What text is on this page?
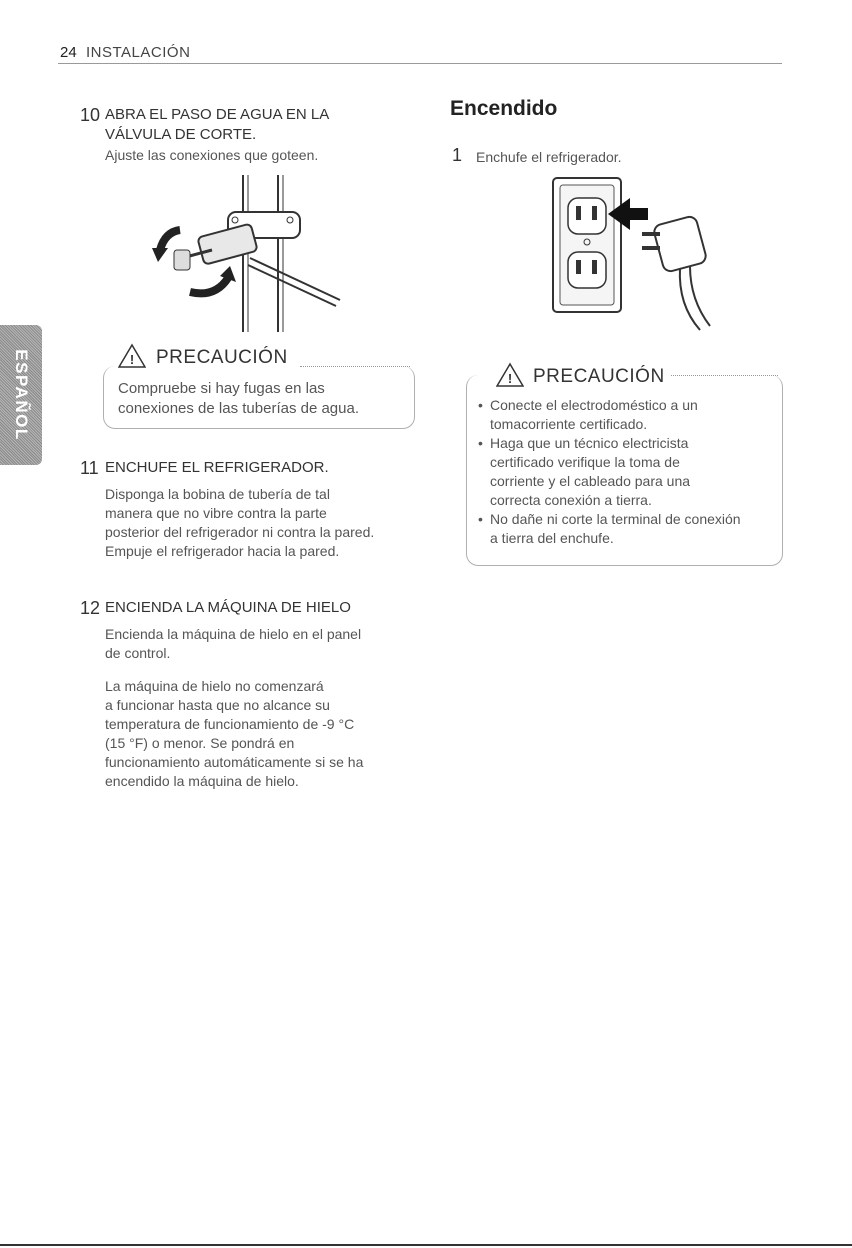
24 INSTALACIÓN
ESPAÑOL
10 ABRA EL PASO DE AGUA EN LA
VÁLVULA DE CORTE.
Ajuste las conexiones que goteen.
!	PRECAUCIÓN
Compruebe si hay fugas en las
conexiones de las tuberías de agua.
11 ENCHUFE EL REFRIGERADOR.
Disponga la bobina de tubería de tal
manera que no vibre contra la parte
posterior del refrigerador ni contra la pared.
Empuje el refrigerador hacia la pared.
12 ENCIENDA LA MÁQUINA DE HIELO
Encienda la máquina de hielo en el panel
de control.
La máquina de hielo no comenzará
a funcionar hasta que no alcance su
temperatura de funcionamiento de -9 °C
(15 °F) o menor. Se pondrá en
funcionamiento automáticamente si se ha
encendido la máquina de hielo.
Encendido
1 Enchufe el refrigerador.
!	PRECAUCIÓN
• Conecte el electrodoméstico a un
tomacorriente certificado.
• Haga que un técnico electricista
certificado verifique la toma de
corriente y el cableado para una
correcta conexión a tierra.
• No dañe ni corte la terminal de conexión
a tierra del enchufe.
